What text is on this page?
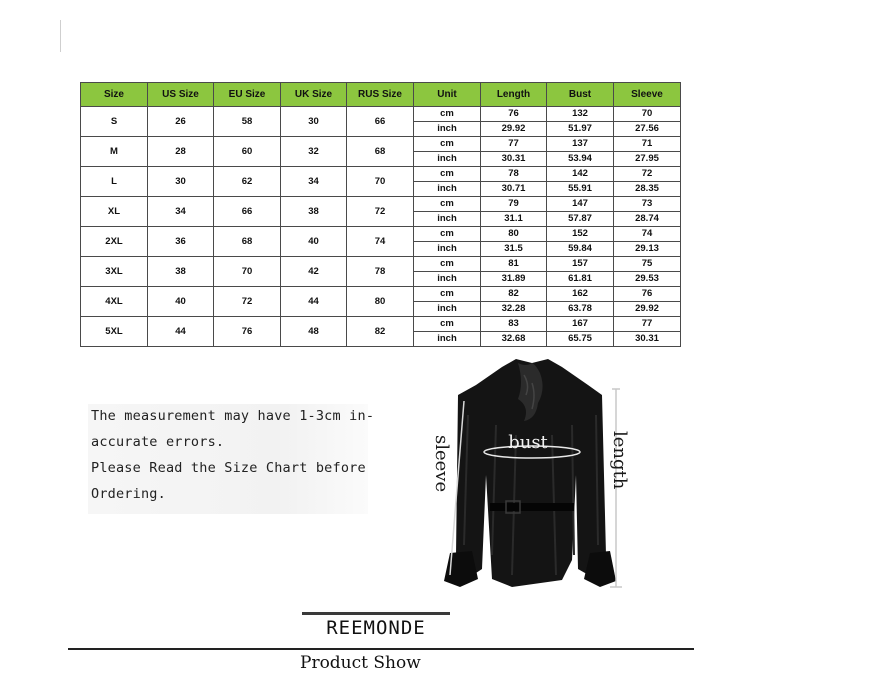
Size	US Size	EU Size	UK Size	RUS Size	Unit	Length	Bust	Sleeve
S	26	58	30	66	cm	76	132	70
					inch	29.92	51.97	27.56
M	28	60	32	68	cm	77	137	71
					inch	30.31	53.94	27.95
L	30	62	34	70	cm	78	142	72
					inch	30.71	55.91	28.35
XL	34	66	38	72	cm	79	147	73
					inch	31.1	57.87	28.74
2XL	36	68	40	74	cm	80	152	74
					inch	31.5	59.84	29.13
3XL	38	70	42	78	cm	81	157	75
					inch	31.89	61.81	29.53
4XL	40	72	44	80	cm	82	162	76
					inch	32.28	63.78	29.92
5XL	44	76	48	82	cm	83	167	77
					inch	32.68	65.75	30.31
The measurement may have 1-3cm in-
accurate errors.
Please Read the Size Chart before
Ordering.
bust
sleeve	length
REEMONDE
Product Show
